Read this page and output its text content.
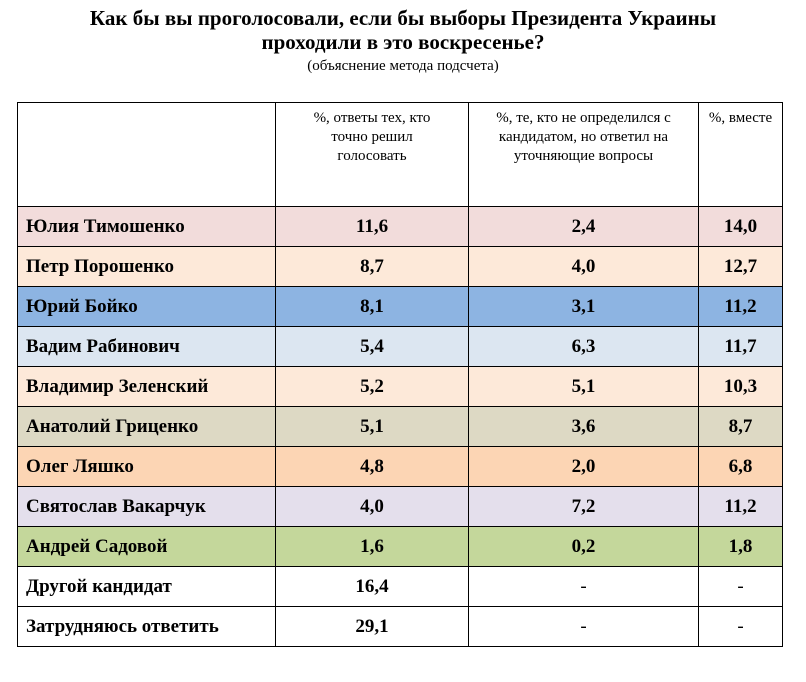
Как бы вы проголосовали, если бы выборы Президента Украины
проходили в это воскресенье?
(объяснение метода подсчета)

	%, ответы тех, кто точно решил голосовать	%, те, кто не определился с кандидатом, но ответил на уточняющие вопросы	%, вместе

Юлия Тимошенко	11,6	2,4	14,0
Петр Порошенко	8,7	4,0	12,7
Юрий Бойко	8,1	3,1	11,2
Вадим Рабинович	5,4	6,3	11,7
Владимир Зеленский	5,2	5,1	10,3
Анатолий Гриценко	5,1	3,6	8,7
Олег Ляшко	4,8	2,0	6,8
Святослав Вакарчук	4,0	7,2	11,2
Андрей Садовой	1,6	0,2	1,8
Другой кандидат	16,4	-	-
Затрудняюсь ответить	29,1	-	-
